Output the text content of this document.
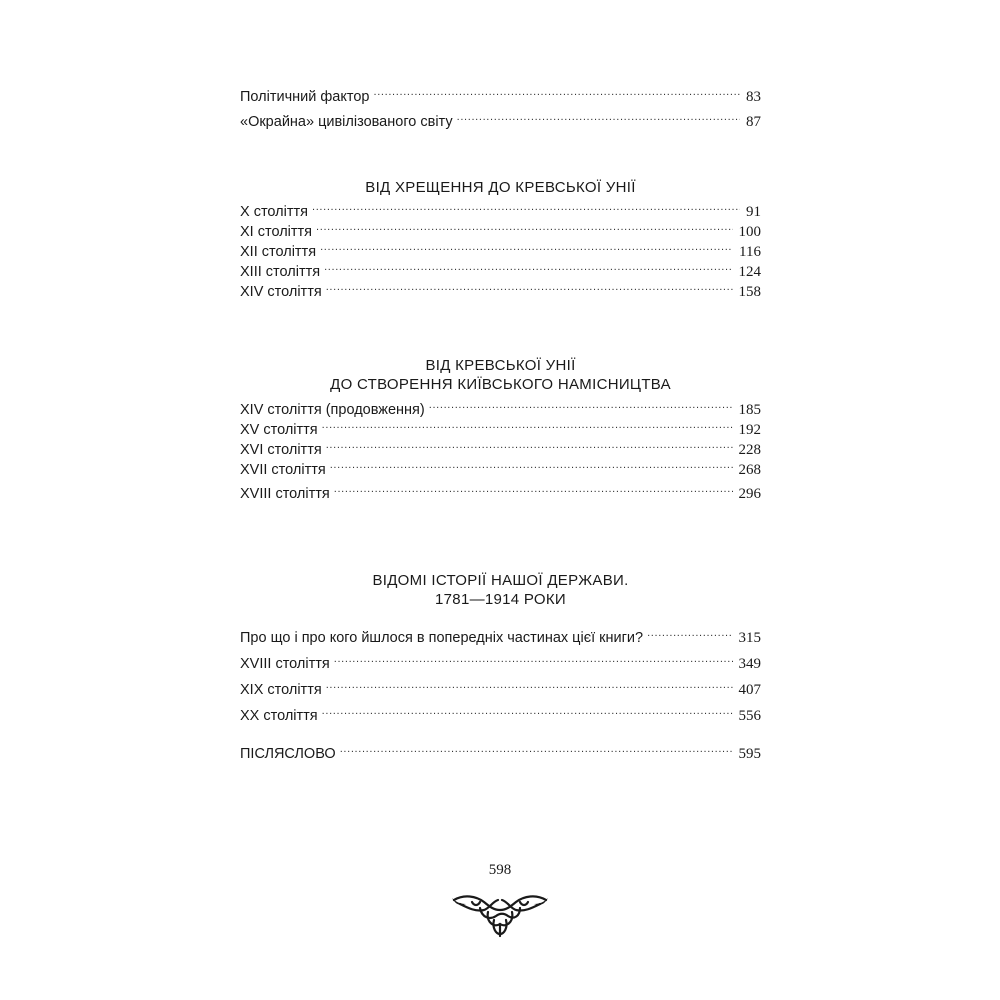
Політичний фактор . . .	83
«Окрайна» цивілізованого світу . . .	87
ВІД ХРЕЩЕННЯ ДО КРЕВСЬКОЇ УНІЇ
X століття . . .	91
XI століття . . .	100
XII століття . . .	116
XIII століття . . .	124
XIV століття . . .	158
ВІД КРЕВСЬКОЇ УНІЇ
ДО СТВОРЕННЯ КИЇВСЬКОГО НАМІСНИЦТВА
XIV століття (продовження) . . .	185
XV століття . . .	192
XVI століття . . .	228
XVII століття . . .	268
XVIII століття . . .	296
ВІДОМІ ІСТОРІЇ НАШОЇ ДЕРЖАВИ.
1781—1914 РОКИ
Про що і про кого йшлося в попередніх частинах цієї книги? . . .	315
XVIII століття . . .	349
XIX століття . . .	407
XX століття . . .	556
ПІСЛЯСЛОВО . . .	595
598
